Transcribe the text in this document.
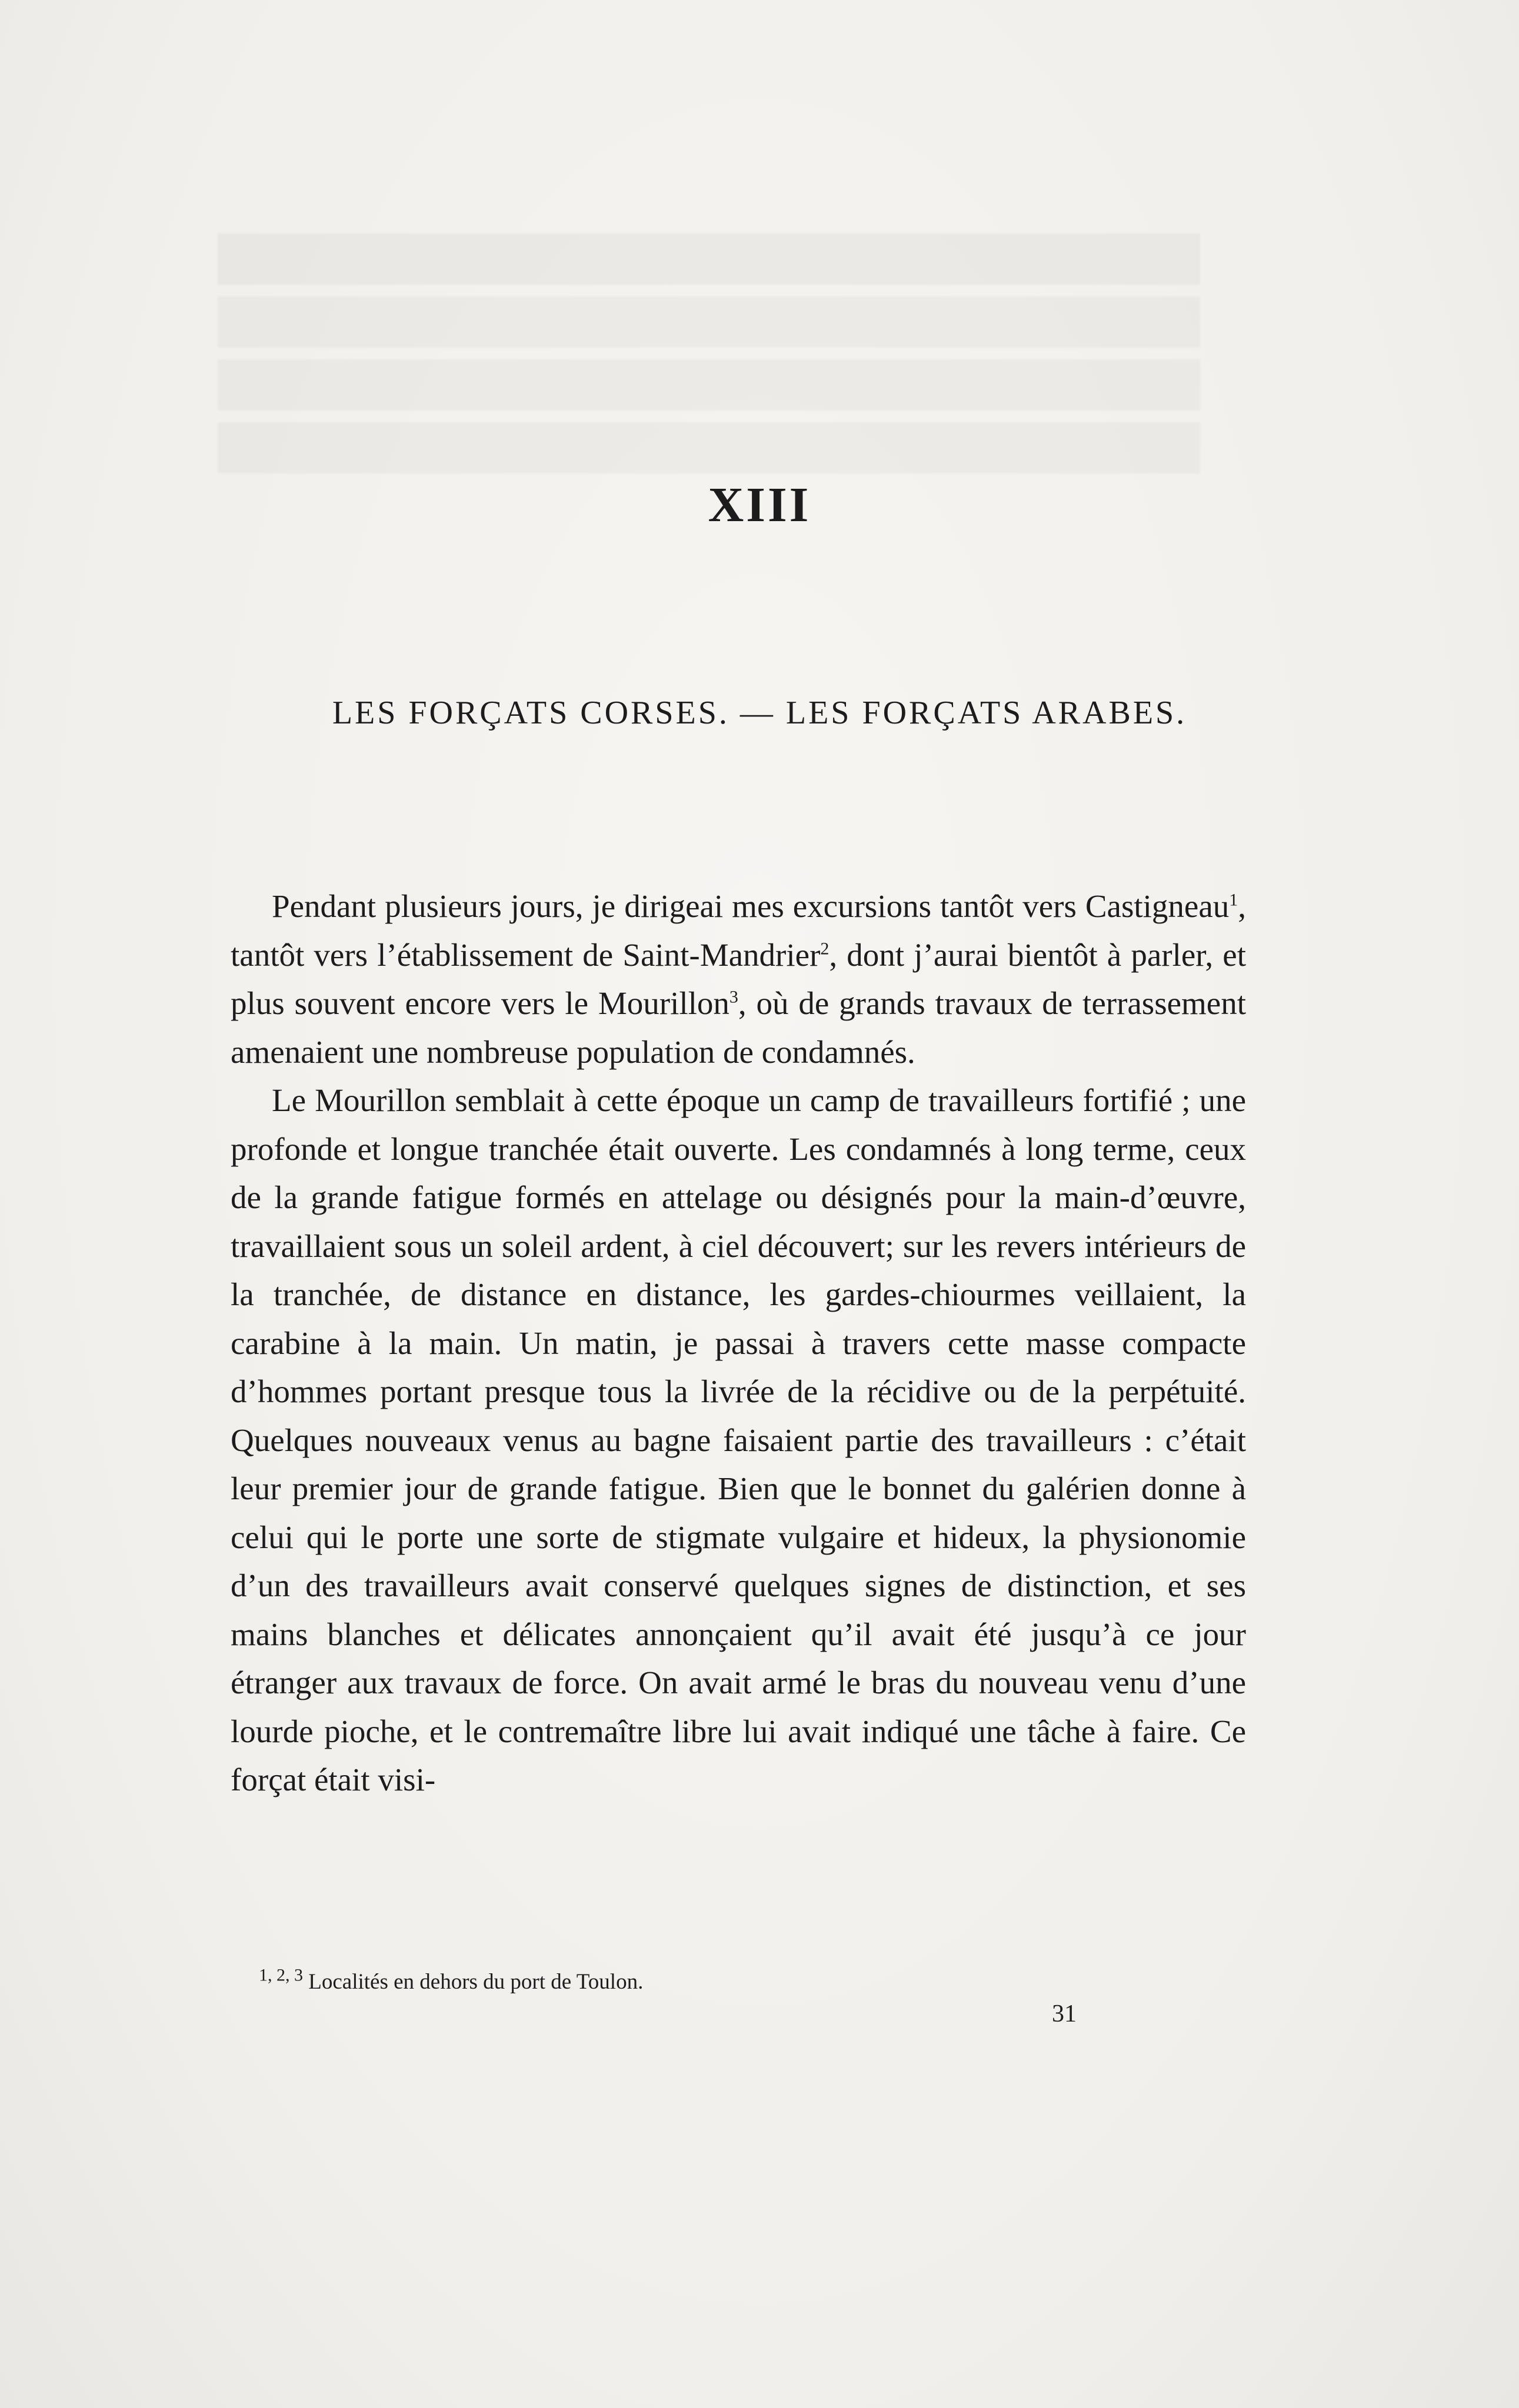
XIII
LES FORÇATS CORSES. — LES FORÇATS ARABES.

Pendant plusieurs jours, je dirigeai mes excursions tantôt vers Castigneau$^1$, tantôt vers l’établissement de Saint-Mandrier$^2$, dont j’aurai bientôt à parler, et plus souvent encore vers le Mourillon$^3$, où de grands travaux de terrassement amenaient une nombreuse population de condamnés.

Le Mourillon semblait à cette époque un camp de travailleurs fortifié ; une profonde et longue tranchée était ouverte. Les condamnés à long terme, ceux de la grande fatigue formés en attelage ou désignés pour la main-d’œuvre, travaillaient sous un soleil ardent, à ciel découvert; sur les revers intérieurs de la tranchée, de distance en distance, les gardes-chiourmes veillaient, la carabine à la main. Un matin, je passai à travers cette masse compacte d’hommes portant presque tous la livrée de la récidive ou de la perpétuité. Quelques nouveaux venus au bagne faisaient partie des travailleurs : c’était leur premier jour de grande fatigue. Bien que le bonnet du galérien donne à celui qui le porte une sorte de stigmate vulgaire et hideux, la physionomie d’un des travailleurs avait conservé quelques signes de distinction, et ses mains blanches et délicates annonçaient qu’il avait été jusqu’à ce jour étranger aux travaux de force. On avait armé le bras du nouveau venu d’une lourde pioche, et le contremaître libre lui avait indiqué une tâche à faire. Ce forçat était visi-

$^{1, 2, 3}$ Localités en dehors du port de Toulon.
31
